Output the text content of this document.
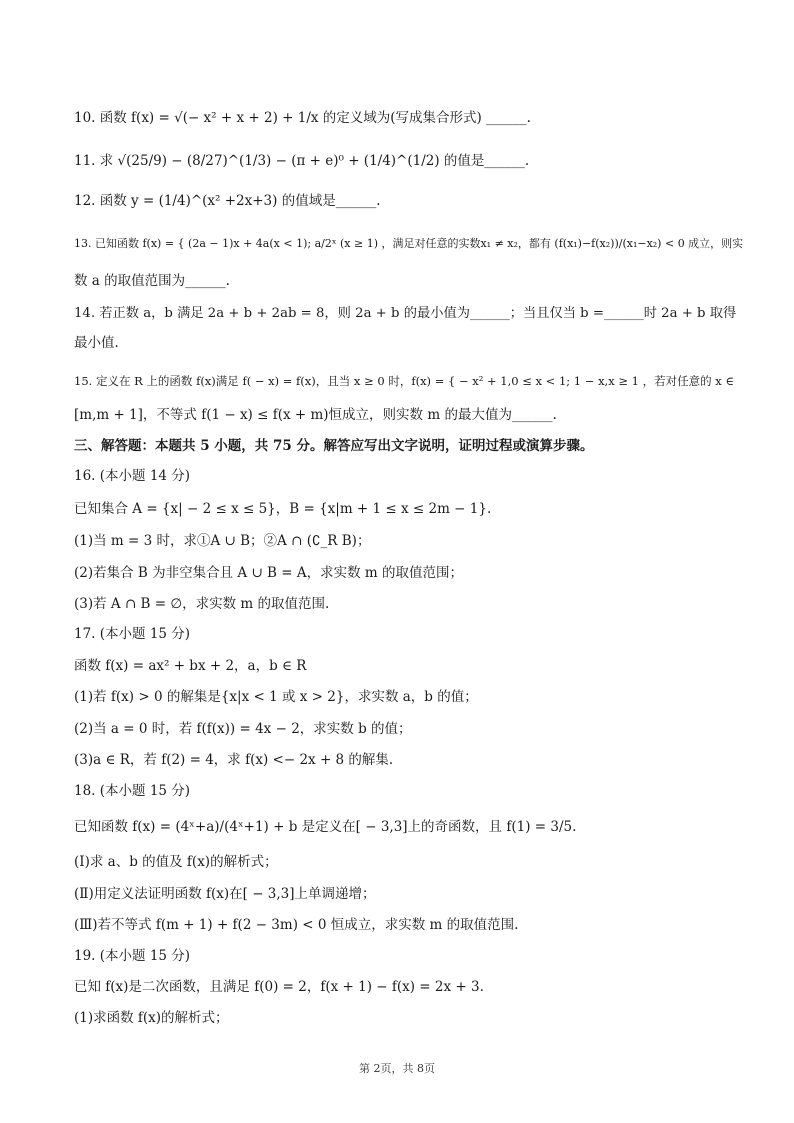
10. 函数 f(x) = √(− x² + x + 2) + 1/x 的定义域为(写成集合形式) ______.
11. 求 √(25/9) − (8/27)^(1/3) − (π + e)⁰ + (1/4)^(1/2) 的值是______.
12. 函数 y = (1/4)^(x² +2x+3) 的值域是______.
13. 已知函数 f(x) = { (2a − 1)x + 4a(x < 1); a/2ˣ (x ≥ 1) ，满足对任意的实数x₁ ≠ x₂，都有 (f(x₁)−f(x₂))/(x₁−x₂) < 0 成立，则实
数 a 的取值范围为______.
14. 若正数 a，b 满足 2a + b + 2ab = 8，则 2a + b 的最小值为______；当且仅当 b =______时 2a + b 取得
最小值.
15. 定义在 R 上的函数 f(x)满足 f( − x) = f(x)，且当 x ≥ 0 时，f(x) = { − x² + 1,0 ≤ x < 1; 1 − x,x ≥ 1 ，若对任意的 x ∈
[m,m + 1]，不等式 f(1 − x) ≤ f(x + m)恒成立，则实数 m 的最大值为______.
三、解答题：本题共 5 小题，共 75 分。解答应写出文字说明，证明过程或演算步骤。
16. (本小题 14 分)
已知集合 A = {x| − 2 ≤ x ≤ 5}，B = {x|m + 1 ≤ x ≤ 2m − 1}.
(1)当 m = 3 时，求①A ∪ B；②A ∩ (∁_R B)；
(2)若集合 B 为非空集合且 A ∪ B = A，求实数 m 的取值范围；
(3)若 A ∩ B = ∅，求实数 m 的取值范围.
17. (本小题 15 分)
函数 f(x) = ax² + bx + 2，a，b ∈ R
(1)若 f(x) > 0 的解集是{x|x < 1 或 x > 2}，求实数 a，b 的值；
(2)当 a = 0 时，若 f(f(x)) = 4x − 2，求实数 b 的值；
(3)a ∈ R，若 f(2) = 4，求 f(x) <− 2x + 8 的解集.
18. (本小题 15 分)
已知函数 f(x) = (4ˣ+a)/(4ˣ+1) + b 是定义在[ − 3,3]上的奇函数，且 f(1) = 3/5.
(Ⅰ)求 a、b 的值及 f(x)的解析式；
(Ⅱ)用定义法证明函数 f(x)在[ − 3,3]上单调递增；
(Ⅲ)若不等式 f(m + 1) + f(2 − 3m) < 0 恒成立，求实数 m 的取值范围.
19. (本小题 15 分)
已知 f(x)是二次函数，且满足 f(0) = 2，f(x + 1) − f(x) = 2x + 3.
(1)求函数 f(x)的解析式；
第 2页，共 8页
